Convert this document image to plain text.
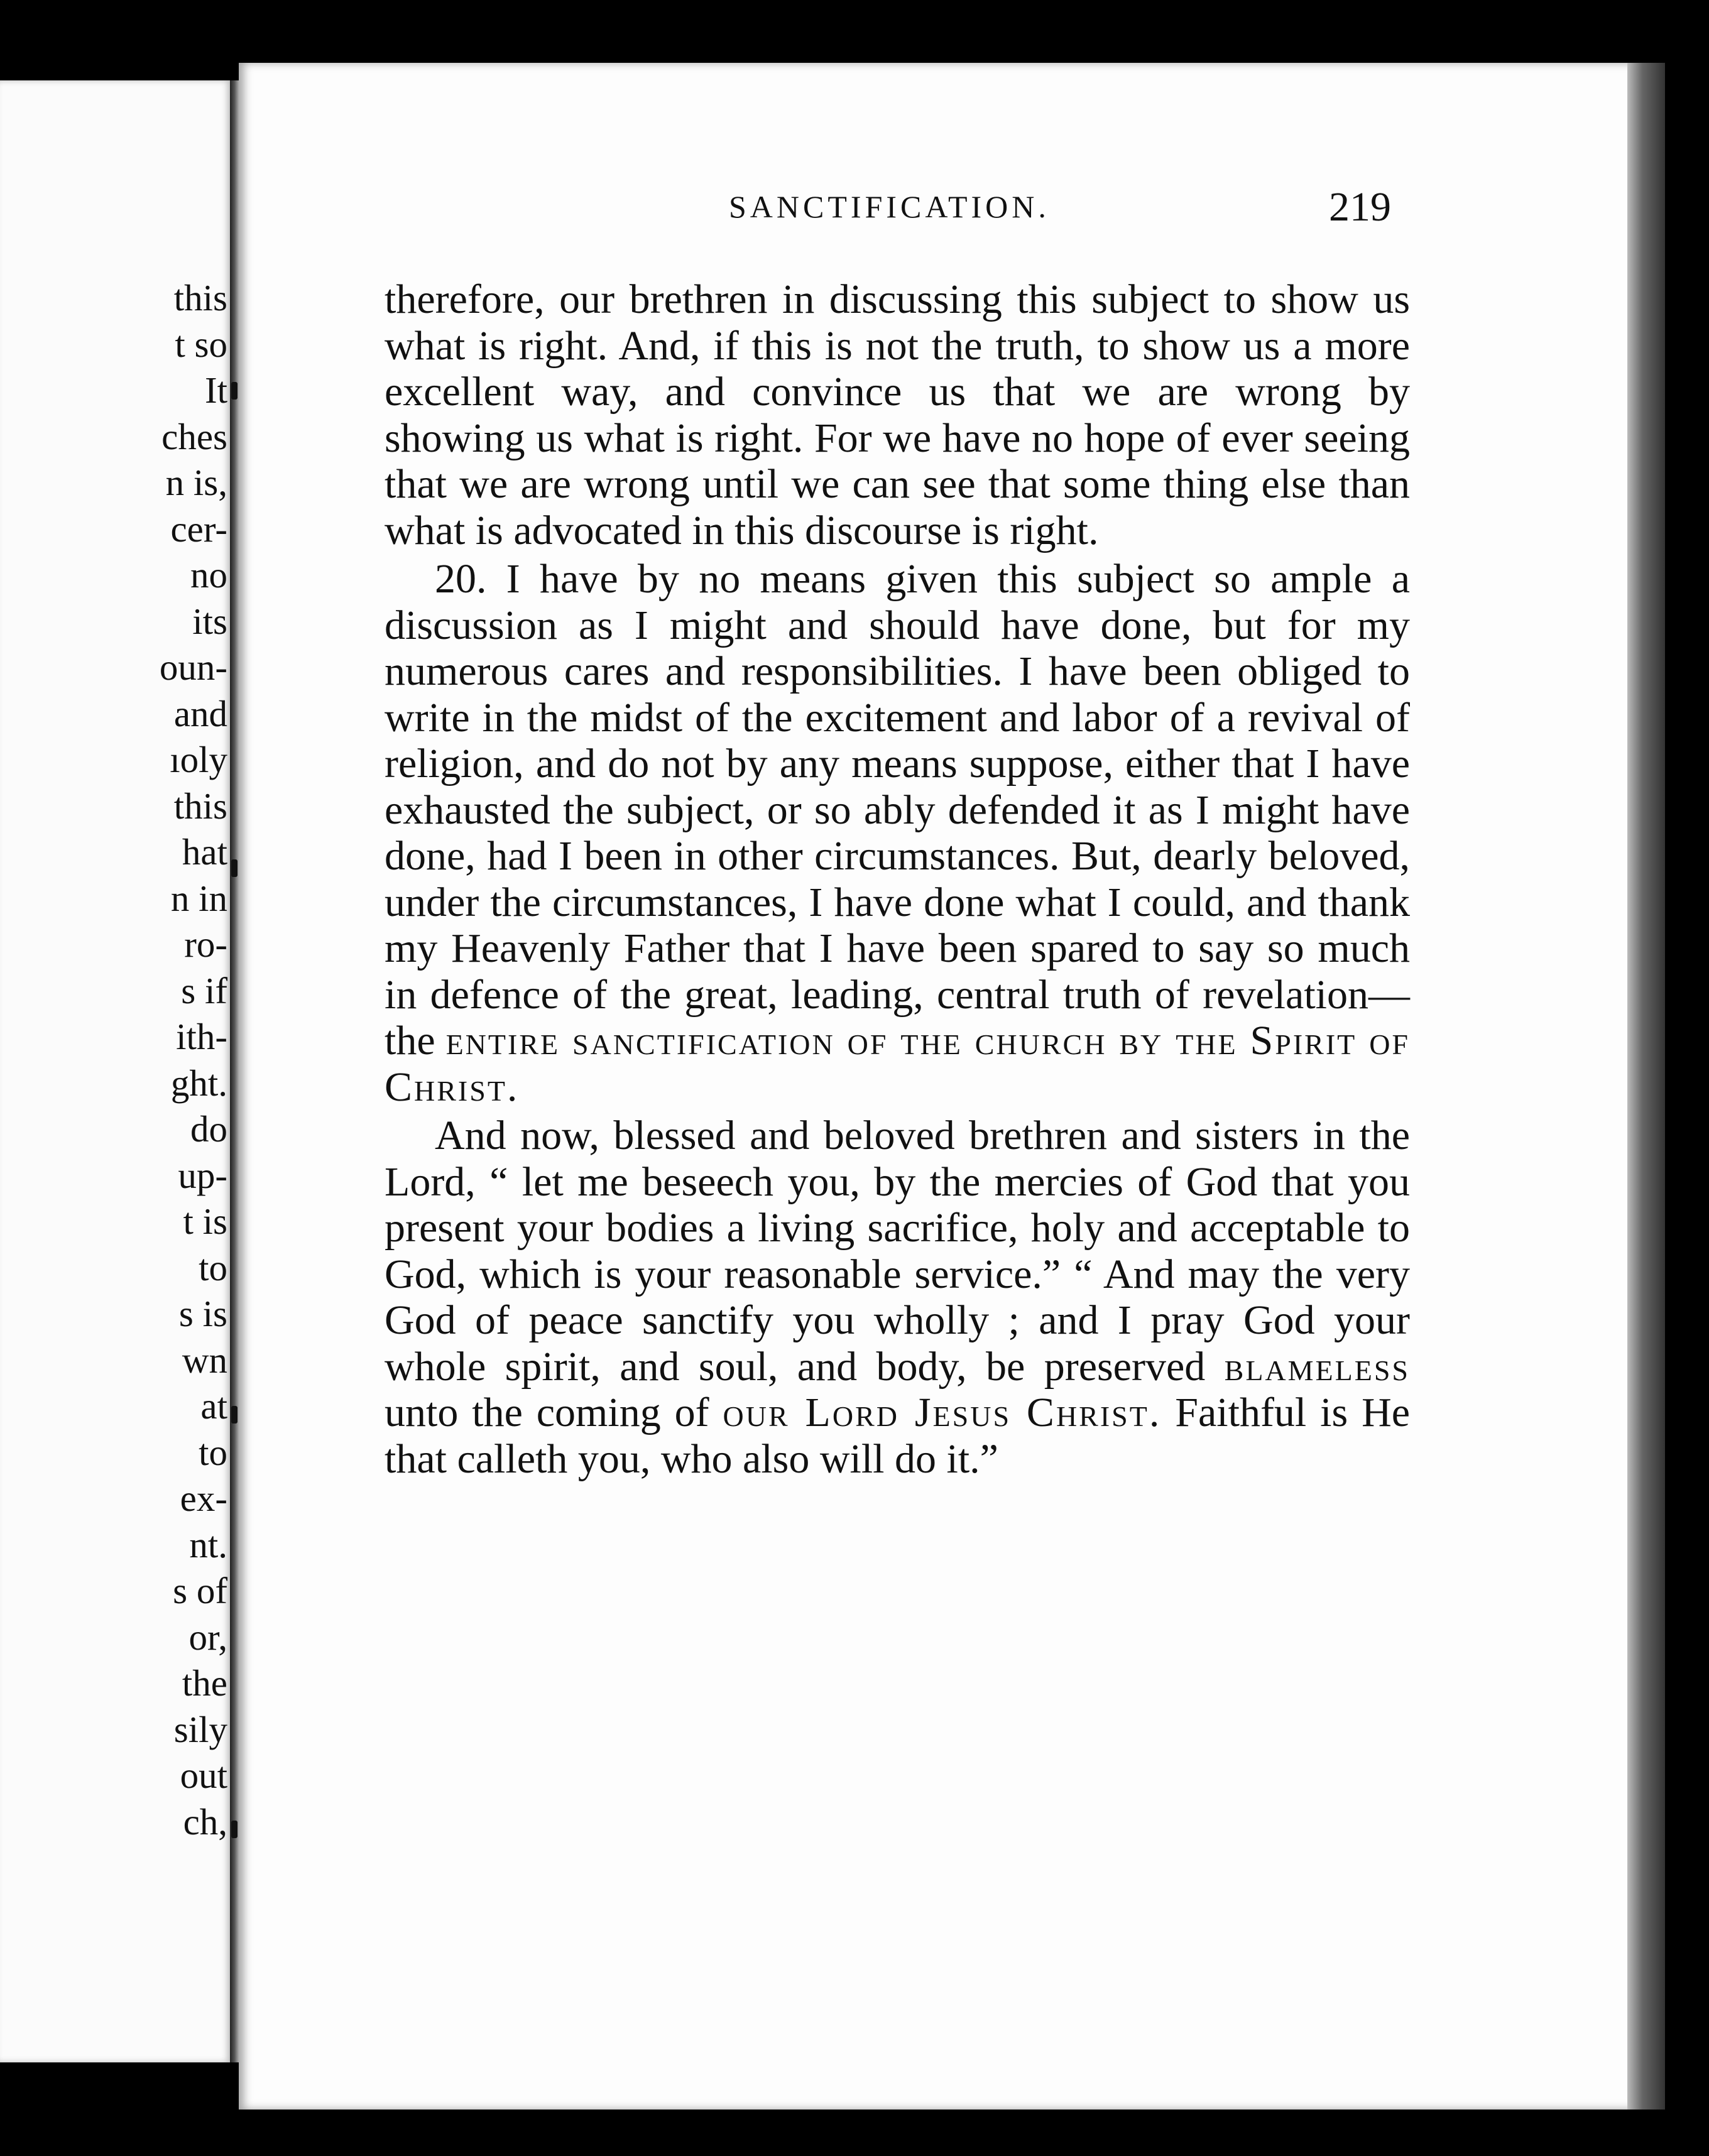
this
t so
It
ches
n is,
cer-
no
its
oun-
and
ıoly
this
hat
n in
ro-
s if
ith-
ght.
do
up-
t is
to
s is
wn
at
to
ex-
nt.
s of
or,
the
sily
out
ch,
SANCTIFICATION.	219

therefore, our brethren in discussing this subject to show us what is right. And, if this is not the truth, to show us a more excellent way, and convince us that we are wrong by showing us what is right. For we have no hope of ever seeing that we are wrong until we can see that some thing else than what is advocated in this discourse is right.

20. I have by no means given this subject so ample a discussion as I might and should have done, but for my numerous cares and responsibilities. I have been obliged to write in the midst of the excitement and labor of a revival of religion, and do not by any means suppose, either that I have exhausted the subject, or so ably defended it as I might have done, had I been in other circumstances. But, dearly beloved, under the circumstances, I have done what I could, and thank my Heavenly Father that I have been spared to say so much in defence of the great, leading, central truth of revelation—the entire sanctification of the church by the Spirit of Christ.

And now, blessed and beloved brethren and sisters in the Lord, “ let me beseech you, by the mercies of God that you present your bodies a living sacrifice, holy and acceptable to God, which is your reasonable service.” “ And may the very God of peace sanctify you wholly ; and I pray God your whole spirit, and soul, and body, be preserved blameless unto the coming of our Lord Jesus Christ. Faithful is He that calleth you, who also will do it.”
